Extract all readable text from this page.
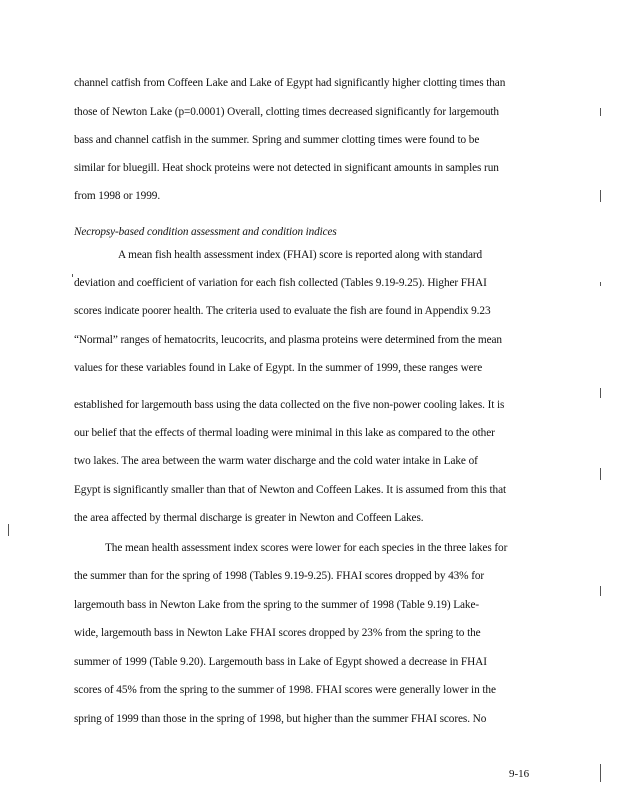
channel catfish from Coffeen Lake and Lake of Egypt had significantly higher clotting times than
those of Newton Lake (p=0.0001) Overall, clotting times decreased significantly for largemouth
bass and channel catfish in the summer. Spring and summer clotting times were found to be
similar for bluegill. Heat shock proteins were not detected in significant amounts in samples run
from 1998 or 1999.
Necropsy-based condition assessment and condition indices
A mean fish health assessment index (FHAI) score is reported along with standard
deviation and coefficient of variation for each fish collected (Tables 9.19-9.25). Higher FHAI
scores indicate poorer health. The criteria used to evaluate the fish are found in Appendix 9.23
“Normal” ranges of hematocrits, leucocrits, and plasma proteins were determined from the mean
values for these variables found in Lake of Egypt. In the summer of 1999, these ranges were
established for largemouth bass using the data collected on the five non-power cooling lakes. It is
our belief that the effects of thermal loading were minimal in this lake as compared to the other
two lakes. The area between the warm water discharge and the cold water intake in Lake of
Egypt is significantly smaller than that of Newton and Coffeen Lakes. It is assumed from this that
the area affected by thermal discharge is greater in Newton and Coffeen Lakes.
The mean health assessment index scores were lower for each species in the three lakes for
the summer than for the spring of 1998 (Tables 9.19-9.25). FHAI scores dropped by 43% for
largemouth bass in Newton Lake from the spring to the summer of 1998 (Table 9.19) Lake-
wide, largemouth bass in Newton Lake FHAI scores dropped by 23% from the spring to the
summer of 1999 (Table 9.20). Largemouth bass in Lake of Egypt showed a decrease in FHAI
scores of 45% from the spring to the summer of 1998. FHAI scores were generally lower in the
spring of 1999 than those in the spring of 1998, but higher than the summer FHAI scores. No
9-16
